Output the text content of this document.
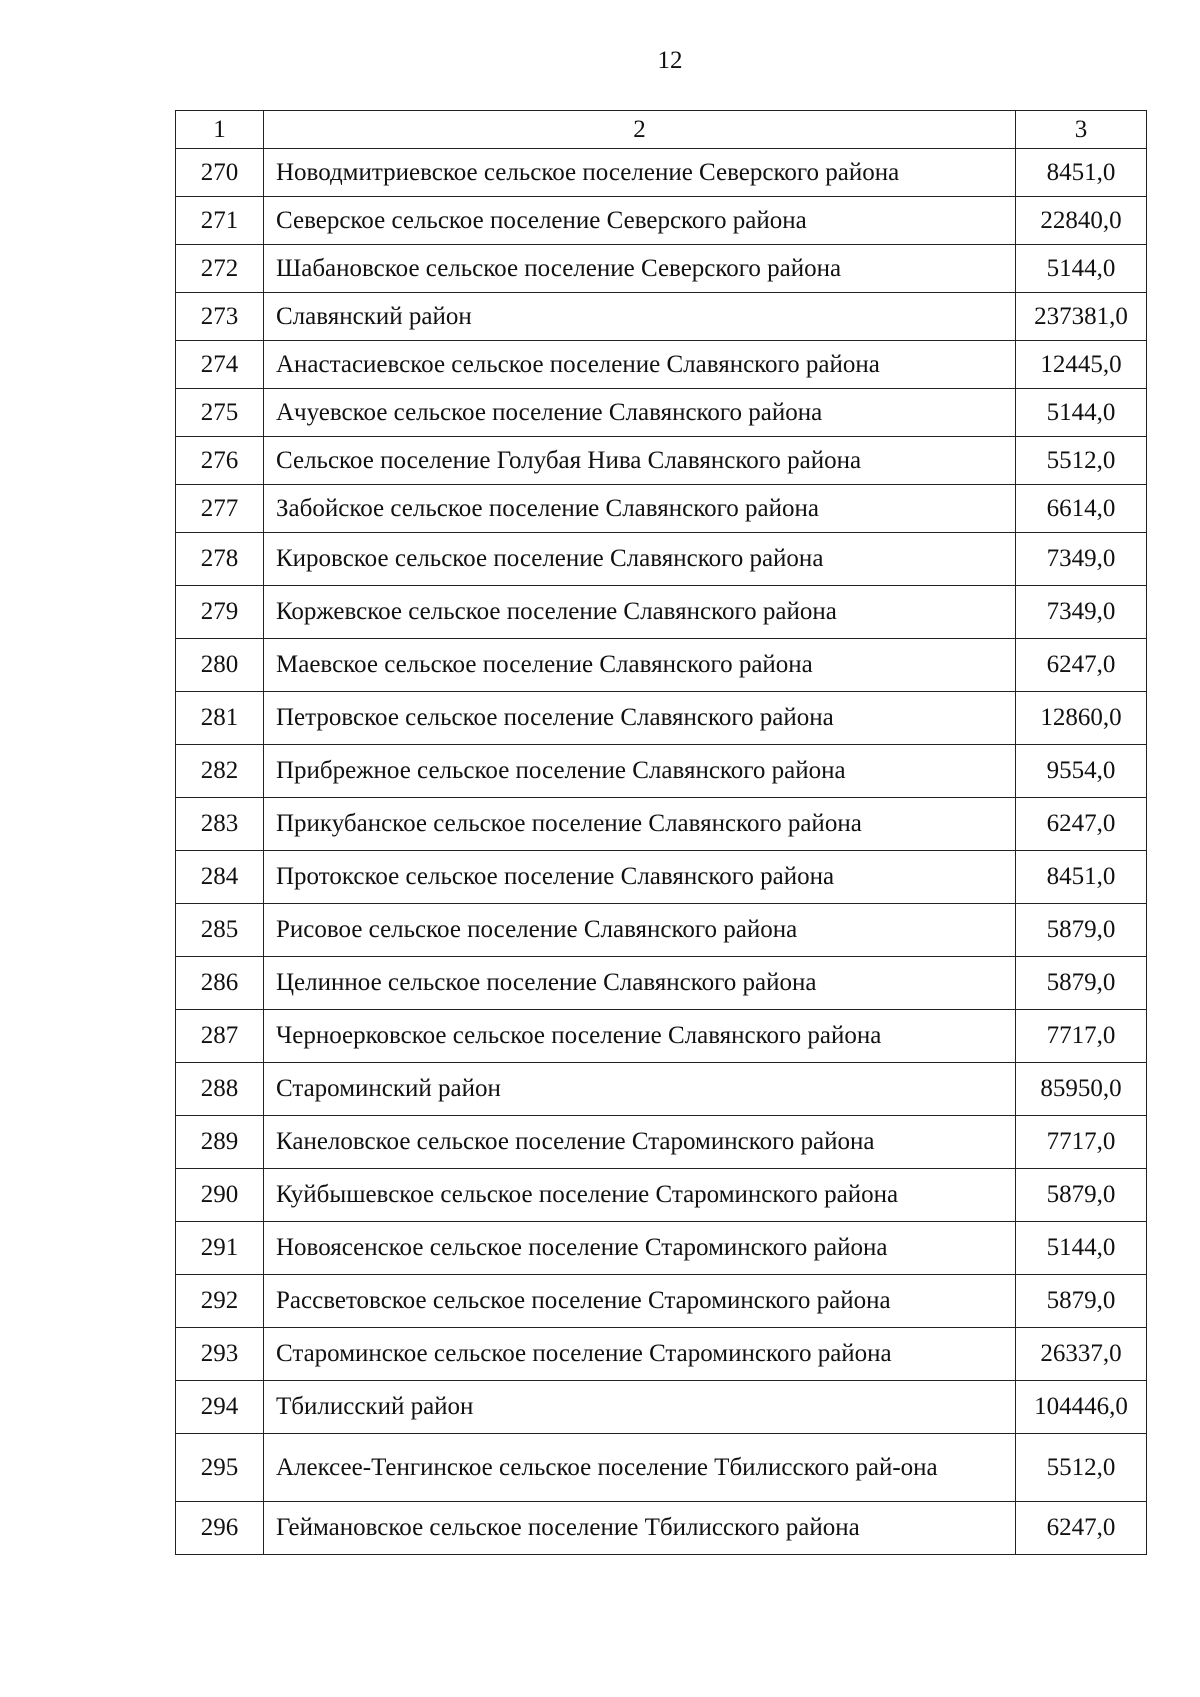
12
1	2	3
270	Новодмитриевское сельское поселение Северского района	8451,0
271	Северское сельское поселение Северского района	22840,0
272	Шабановское сельское поселение Северского района	5144,0
273	Славянский район	237381,0
274	Анастасиевское сельское поселение Славянского района	12445,0
275	Ачуевское сельское поселение Славянского района	5144,0
276	Сельское поселение Голубая Нива Славянского района	5512,0
277	Забойское сельское поселение Славянского района	6614,0
278	Кировское сельское поселение Славянского района	7349,0
279	Коржевское сельское поселение Славянского района	7349,0
280	Маевское сельское поселение Славянского района	6247,0
281	Петровское сельское поселение Славянского района	12860,0
282	Прибрежное сельское поселение Славянского района	9554,0
283	Прикубанское сельское поселение Славянского района	6247,0
284	Протокское сельское поселение Славянского района	8451,0
285	Рисовое сельское поселение Славянского района	5879,0
286	Целинное сельское поселение Славянского района	5879,0
287	Черноерковское сельское поселение Славянского района	7717,0
288	Староминский район	85950,0
289	Канеловское сельское поселение Староминского района	7717,0
290	Куйбышевское сельское поселение Староминского района	5879,0
291	Новоясенское сельское поселение Староминского района	5144,0
292	Рассветовское сельское поселение Староминского района	5879,0
293	Староминское сельское поселение Староминского района	26337,0
294	Тбилисский район	104446,0
295	Алексее-Тенгинское сельское поселение Тбилисского рай-она	5512,0
296	Геймановское сельское поселение Тбилисского района	6247,0
